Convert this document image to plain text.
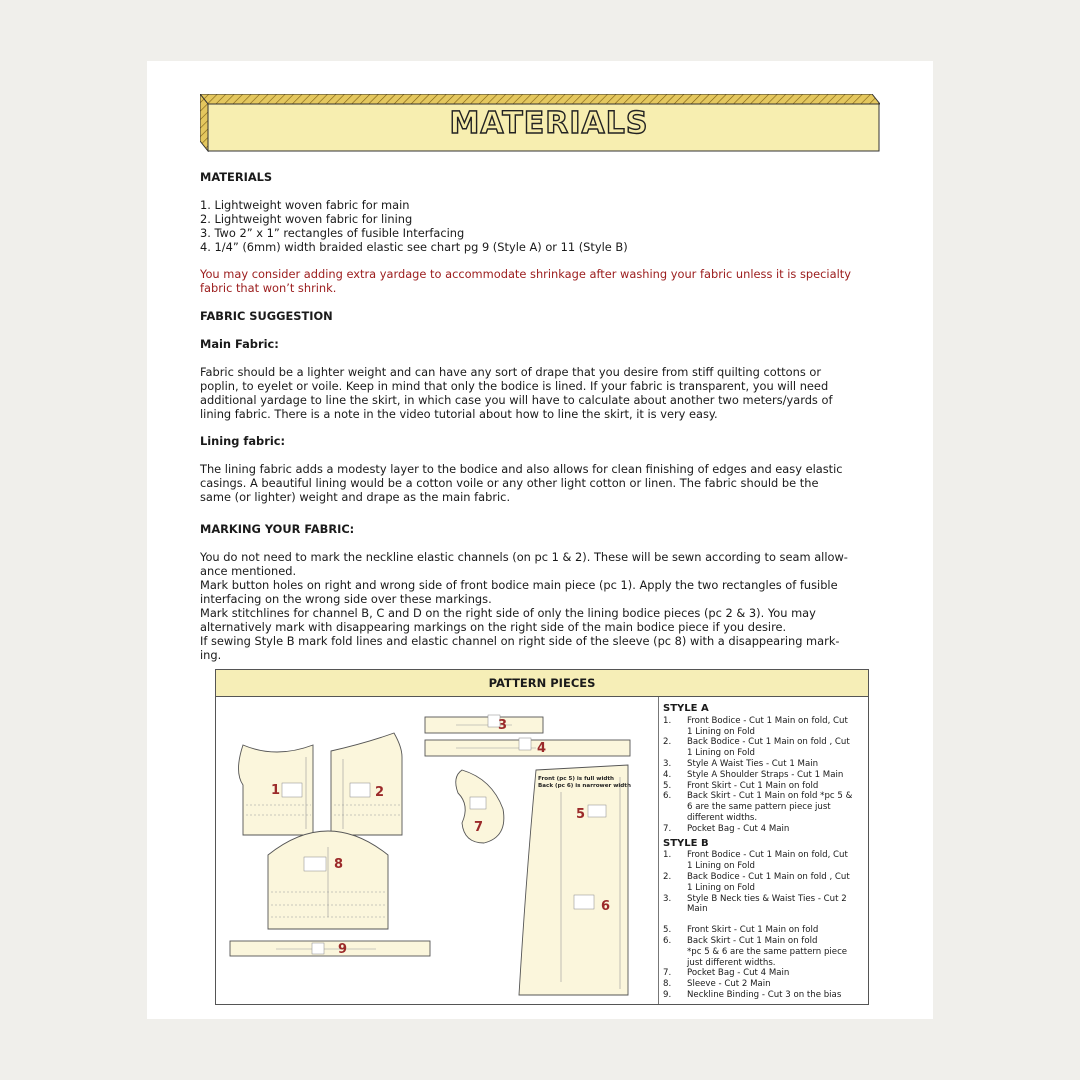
MATERIALS
MATERIALS

1. Lightweight woven fabric for main

2. Lightweight woven fabric for lining

3. Two 2” x 1” rectangles of fusible Interfacing

4. 1/4” (6mm) width braided elastic see chart pg 9 (Style A) or 11 (Style B)

You may consider adding extra yardage to accommodate shrinkage after washing your fabric unless it is specialty

fabric that won’t shrink.

FABRIC SUGGESTION
Main Fabric:

Fabric should be a lighter weight and can have any sort of drape that you desire from stiff quilting cottons or

poplin, to eyelet or voile. Keep in mind that only the bodice is lined. If your fabric is transparent, you will need

additional yardage to line the skirt, in which case you will have to calculate about another two meters/yards of

lining fabric. There is a note in the video tutorial about how to line the skirt, it is very easy.

Lining fabric:

The lining fabric adds a modesty layer to the bodice and also allows for clean finishing of edges and easy elastic

casings. A beautiful lining would be a cotton voile or any other light cotton or linen. The fabric should be the

same (or lighter) weight and drape as the main fabric.

MARKING YOUR FABRIC:

You do not need to mark the neckline elastic channels (on pc 1 & 2). These will be sewn according to seam allow-

ance mentioned.

Mark button holes on right and wrong side of front bodice main piece (pc 1). Apply the two rectangles of fusible

interfacing on the wrong side over these markings.

Mark stitchlines for channel B, C and D on the right side of only the lining bodice pieces (pc 2 & 3). You may

alternatively mark with disappearing markings on the right side of the main bodice piece if you desire.

If sewing Style B mark fold lines and elastic channel on right side of the sleeve (pc 8) with a disappearing mark-

ing.

PATTERN PIECES
1	2
3
4
5
6
7
8
9
Front (pc 5) is full width
Back (pc 6) is narrower width
STYLE A
1. Front Bodice - Cut 1 Main on fold, Cut
1 Lining on Fold
2. Back Bodice - Cut 1 Main on fold , Cut
1 Lining on Fold
3. Style A Waist Ties - Cut 1 Main
4. Style A Shoulder Straps - Cut 1 Main
5. Front Skirt - Cut 1 Main on fold
6. Back Skirt - Cut 1 Main on fold *pc 5 &
6 are the same pattern piece just
different widths.
7. Pocket Bag - Cut 4 Main
STYLE B
1. Front Bodice - Cut 1 Main on fold, Cut
1 Lining on Fold
2. Back Bodice - Cut 1 Main on fold , Cut
1 Lining on Fold
3. Style B Neck ties & Waist Ties - Cut 2
Main
5. Front Skirt - Cut 1 Main on fold
6. Back Skirt - Cut 1 Main on fold
*pc 5 & 6 are the same pattern piece
just different widths.
7. Pocket Bag - Cut 4 Main
8. Sleeve - Cut 2 Main
9. Neckline Binding - Cut 3 on the bias
